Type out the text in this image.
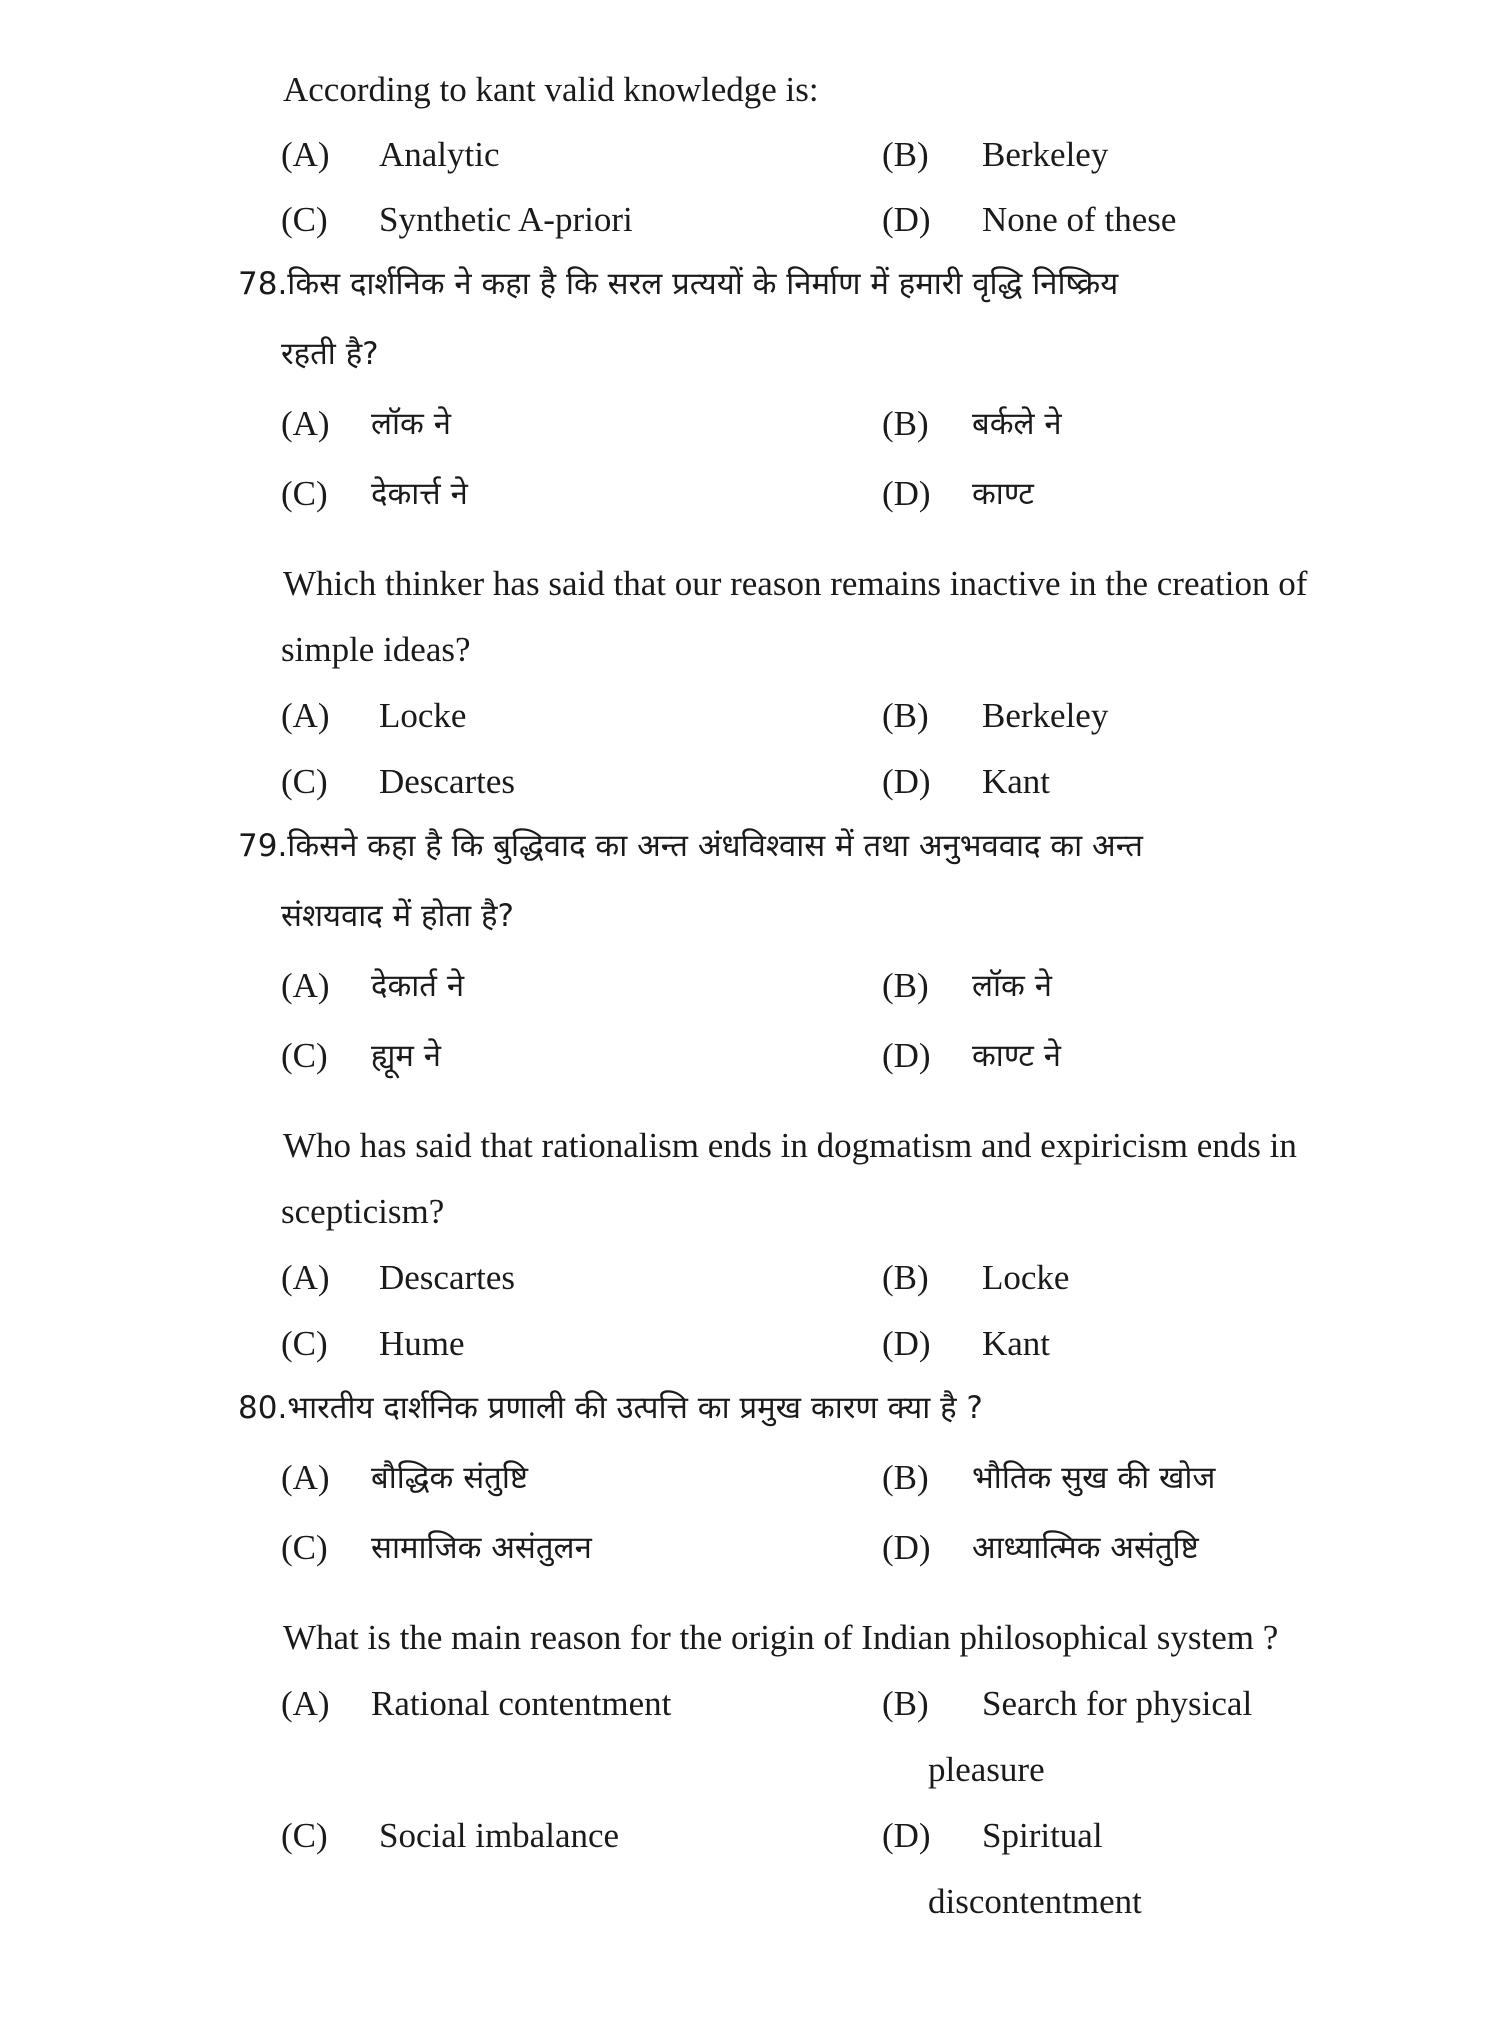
According to kant valid knowledge is:
(A) Analytic	(B) Berkeley
(C) Synthetic A-priori	(D) None of these
78.किस दार्शनिक ने कहा है कि सरल प्रत्ययों के निर्माण में हमारी वृद्धि निष्क्रिय
रहती है?
(A) लॉक ने	(B) बर्कले ने
(C) देकार्त्त ने	(D) काण्ट
Which thinker has said that our reason remains inactive in the creation of
simple ideas?
(A) Locke	(B) Berkeley
(C) Descartes	(D) Kant
79.किसने कहा है कि बुद्धिवाद का अन्त अंधविश्वास में तथा अनुभववाद का अन्त
संशयवाद में होता है?
(A) देकार्त ने	(B) लॉक ने
(C) ह्यूम ने	(D) काण्ट ने
Who has said that rationalism ends in dogmatism and expiricism ends in
scepticism?
(A) Descartes	(B) Locke
(C) Hume	(D) Kant
80.भारतीय दार्शनिक प्रणाली की उत्पत्ति का प्रमुख कारण क्या है ?
(A) बौद्धिक संतुष्टि	(B) भौतिक सुख की खोज
(C) सामाजिक असंतुलन	(D) आध्यात्मिक असंतुष्टि
What is the main reason for the origin of Indian philosophical system ?
(A) Rational contentment	(B) Search for physical
pleasure
(C) Social imbalance	(D) Spiritual
discontentment
